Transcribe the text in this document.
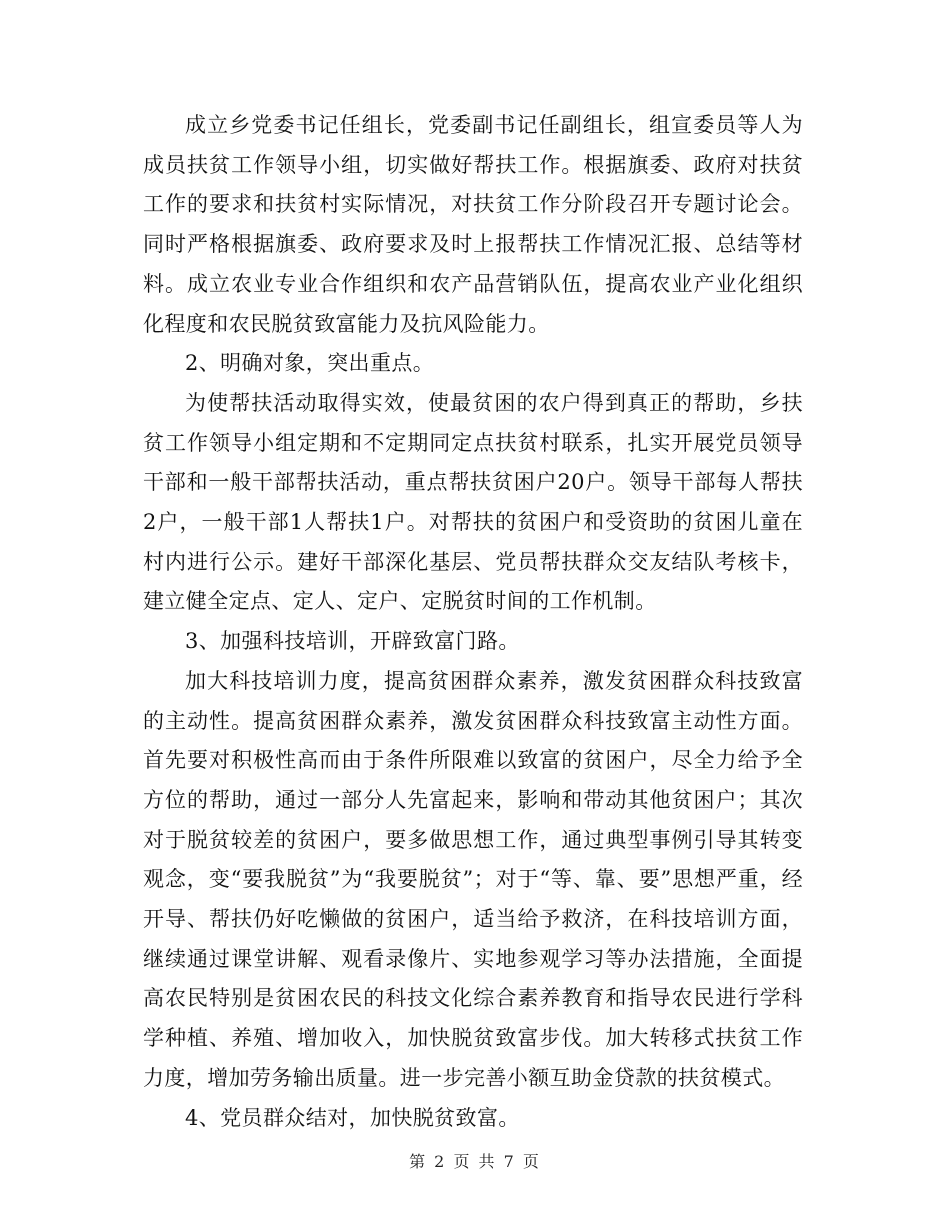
成立乡党委书记任组长，党委副书记任副组长，组宣委员等人为成员扶贫工作领导小组，切实做好帮扶工作。根据旗委、政府对扶贫工作的要求和扶贫村实际情况，对扶贫工作分阶段召开专题讨论会。同时严格根据旗委、政府要求及时上报帮扶工作情况汇报、总结等材料。成立农业专业合作组织和农产品营销队伍，提高农业产业化组织化程度和农民脱贫致富能力及抗风险能力。

2、明确对象，突出重点。

为使帮扶活动取得实效，使最贫困的农户得到真正的帮助，乡扶贫工作领导小组定期和不定期同定点扶贫村联系，扎实开展党员领导干部和一般干部帮扶活动，重点帮扶贫困户20户。领导干部每人帮扶2户，一般干部1人帮扶1户。对帮扶的贫困户和受资助的贫困儿童在村内进行公示。建好干部深化基层、党员帮扶群众交友结队考核卡，建立健全定点、定人、定户、定脱贫时间的工作机制。

3、加强科技培训，开辟致富门路。

加大科技培训力度，提高贫困群众素养，激发贫困群众科技致富的主动性。提高贫困群众素养，激发贫困群众科技致富主动性方面。首先要对积极性高而由于条件所限难以致富的贫困户，尽全力给予全方位的帮助，通过一部分人先富起来，影响和带动其他贫困户；其次对于脱贫较差的贫困户，要多做思想工作，通过典型事例引导其转变观念，变“要我脱贫”为“我要脱贫”；对于“等、靠、要”思想严重，经开导、帮扶仍好吃懒做的贫困户，适当给予救济，在科技培训方面，继续通过课堂讲解、观看录像片、实地参观学习等办法措施，全面提高农民特别是贫困农民的科技文化综合素养教育和指导农民进行学科学种植、养殖、增加收入，加快脱贫致富步伐。加大转移式扶贫工作力度，增加劳务输出质量。进一步完善小额互助金贷款的扶贫模式。

4、党员群众结对，加快脱贫致富。

第 2 页 共 7 页
